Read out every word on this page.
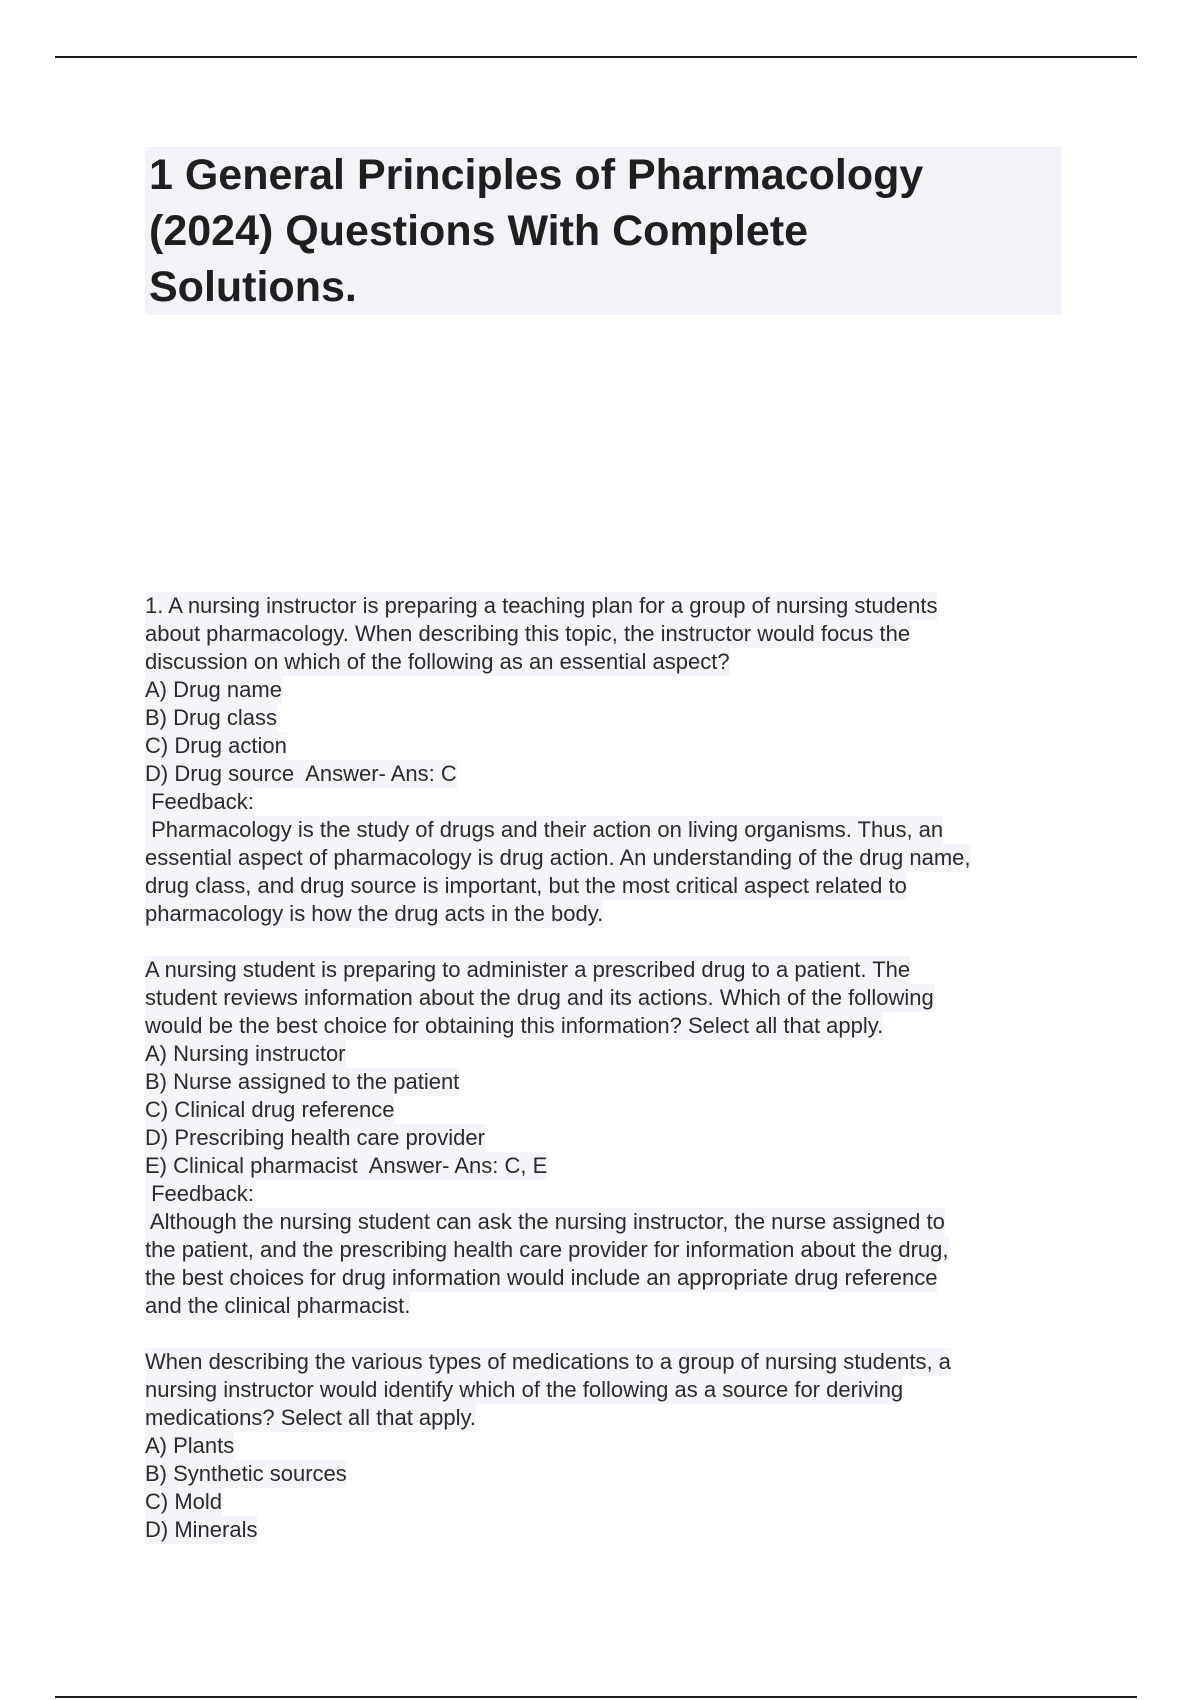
1 General Principles of Pharmacology
(2024) Questions With Complete
Solutions.
1. A nursing instructor is preparing a teaching plan for a group of nursing students
about pharmacology. When describing this topic, the instructor would focus the
discussion on which of the following as an essential aspect?
A) Drug name
B) Drug class
C) Drug action
D) Drug source  Answer- Ans: C
Feedback:
Pharmacology is the study of drugs and their action on living organisms. Thus, an
essential aspect of pharmacology is drug action. An understanding of the drug name,
drug class, and drug source is important, but the most critical aspect related to
pharmacology is how the drug acts in the body.
A nursing student is preparing to administer a prescribed drug to a patient. The
student reviews information about the drug and its actions. Which of the following
would be the best choice for obtaining this information? Select all that apply.
A) Nursing instructor
B) Nurse assigned to the patient
C) Clinical drug reference
D) Prescribing health care provider
E) Clinical pharmacist  Answer- Ans: C, E
Feedback:
Although the nursing student can ask the nursing instructor, the nurse assigned to
the patient, and the prescribing health care provider for information about the drug,
the best choices for drug information would include an appropriate drug reference
and the clinical pharmacist.
When describing the various types of medications to a group of nursing students, a
nursing instructor would identify which of the following as a source for deriving
medications? Select all that apply.
A) Plants
B) Synthetic sources
C) Mold
D) Minerals
